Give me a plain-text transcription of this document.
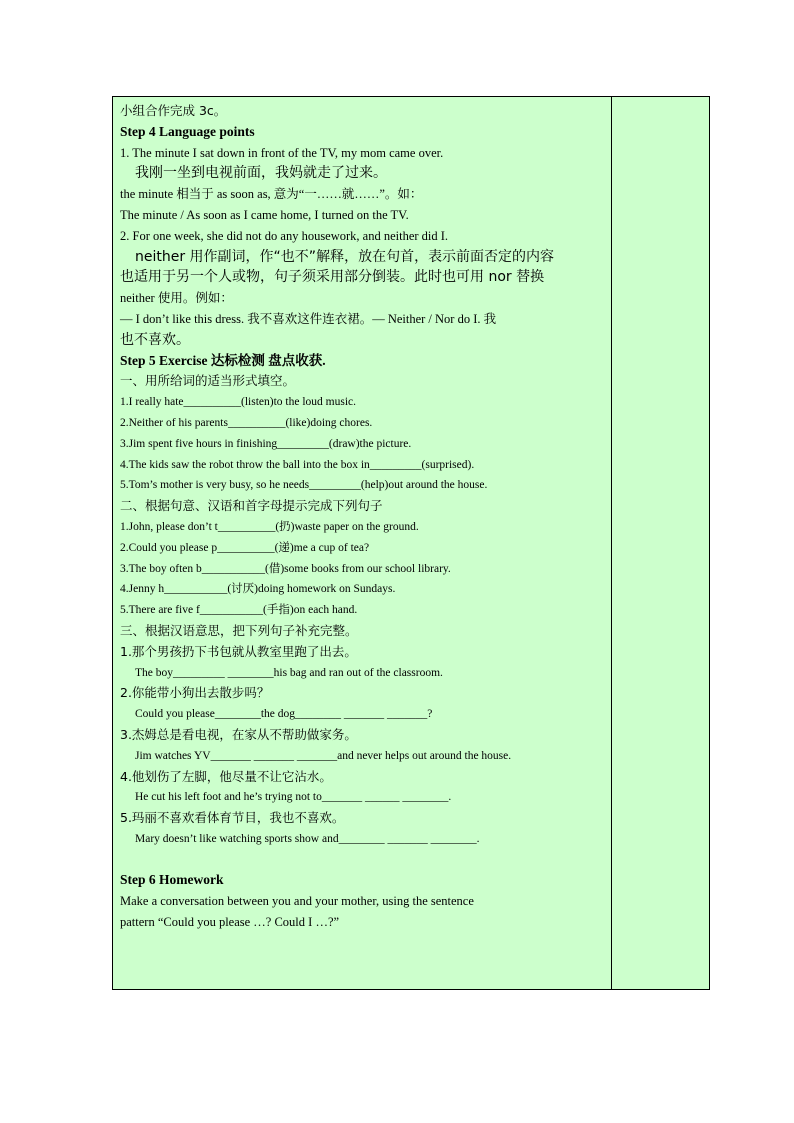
小组合作完成 3c。
Step 4 Language points
1. The minute I sat down in front of the TV, my mom came over.
我刚一坐到电视前面，我妈就走了过来。
the minute 相当于 as soon as, 意为“一……就……”。如：
The minute / As soon as I came home, I turned on the TV.
2. For one week, she did not do any housework, and neither did I.
neither 用作副词，作“也不”解释，放在句首，表示前面否定的内容
也适用于另一个人或物，句子须采用部分倒装。此时也可用 nor 替换
neither 使用。例如：
— I don’t like this dress. 我不喜欢这件连衣裙。— Neither / Nor do I. 我
也不喜欢。
Step 5 Exercise 达标检测 盘点收获.
一、用所给词的适当形式填空。
1.I really hate__________(listen)to the loud music.
2.Neither of his parents__________(like)doing chores.
3.Jim spent five hours in finishing_________(draw)the picture.
4.The kids saw the robot throw the ball into the box in_________(surprised).
5.Tom’s mother is very busy, so he needs_________(help)out around the house.
二、根据句意、汉语和首字母提示完成下列句子
1.John, please don’t t__________(扔)waste paper on the ground.
2.Could you please p__________(递)me a cup of tea?
3.The boy often b___________(借)some books from our school library.
4.Jenny h___________(讨厌)doing homework on Sundays.
5.There are five f___________(手指)on each hand.
三、根据汉语意思，把下列句子补充完整。
1.那个男孩扔下书包就从教室里跑了出去。
The boy_________ ________his bag and ran out of the classroom.
2.你能带小狗出去散步吗？
Could you please________the dog________ _______ _______?
3.杰姆总是看电视，在家从不帮助做家务。
Jim watches YV_______ _______ _______and never helps out around the house.
4.他划伤了左脚，他尽量不让它沾水。
He cut his left foot and he’s trying not to_______ ______ ________.
5.玛丽不喜欢看体育节目，我也不喜欢。
Mary doesn’t like watching sports show and________ _______ ________.
Step 6 Homework
Make a conversation between you and your mother, using the sentence
pattern “Could you please …? Could I …?”
